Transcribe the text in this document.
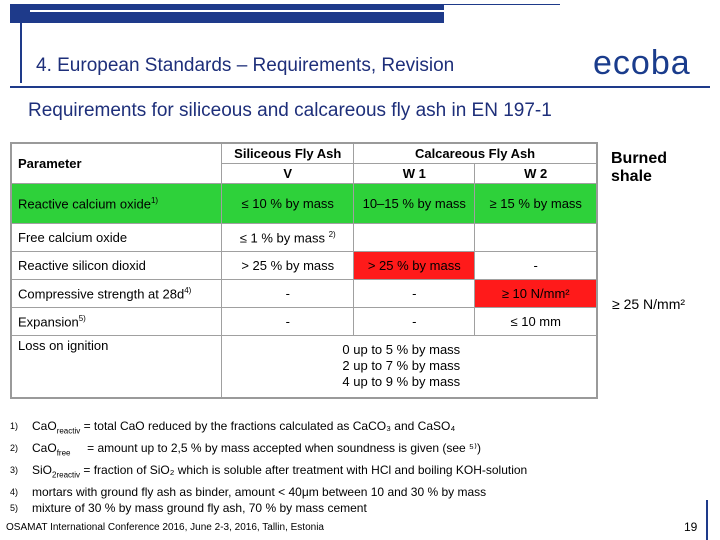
4. European Standards – Requirements, Revision	ecoba
Requirements for siliceous and calcareous fly ash in EN 197-1
Parameter	Siliceous Fly Ash	Calcareous Fly Ash	
	V	W 1	W 2
Reactive calcium oxide$^{1)}$	≤ 10 % by mass	10–15 % by mass	≥ 15 % by mass
Free calcium oxide	≤ 1 % by mass $^{2)}$		
Reactive silicon dioxid	> 25 % by mass	> 25 % by mass	-
Compressive strength at $28d^{4)}$	-	-	≥ 10 N/mm²
Expansion$^{5)}$	-	-	≤ 10 mm
Loss on ignition	0 up to 5 % by mass
2 up to 7 % by mass
4 up to 9 % by mass		
Burned
shale
≥ 25 N/mm²
1) CaO$_{reactiv}$ = total CaO reduced by the fractions calculated as CaCO₃ and CaSO₄
2) CaO$_{free}$ = amount up to 2,5 % by mass accepted when soundness is given (see ⁵⁾)
3) SiO$_{2reactiv}$ = fraction of SiO₂ which is soluble after treatment with HCl and boiling KOH-solution
4) mortars with ground fly ash as binder, amount < 40μm between 10 and 30 % by mass
5) mixture of 30 % by mass ground fly ash, 70 % by mass cement
OSAMAT International Conference 2016, June 2-3, 2016, Tallin, Estonia	19
